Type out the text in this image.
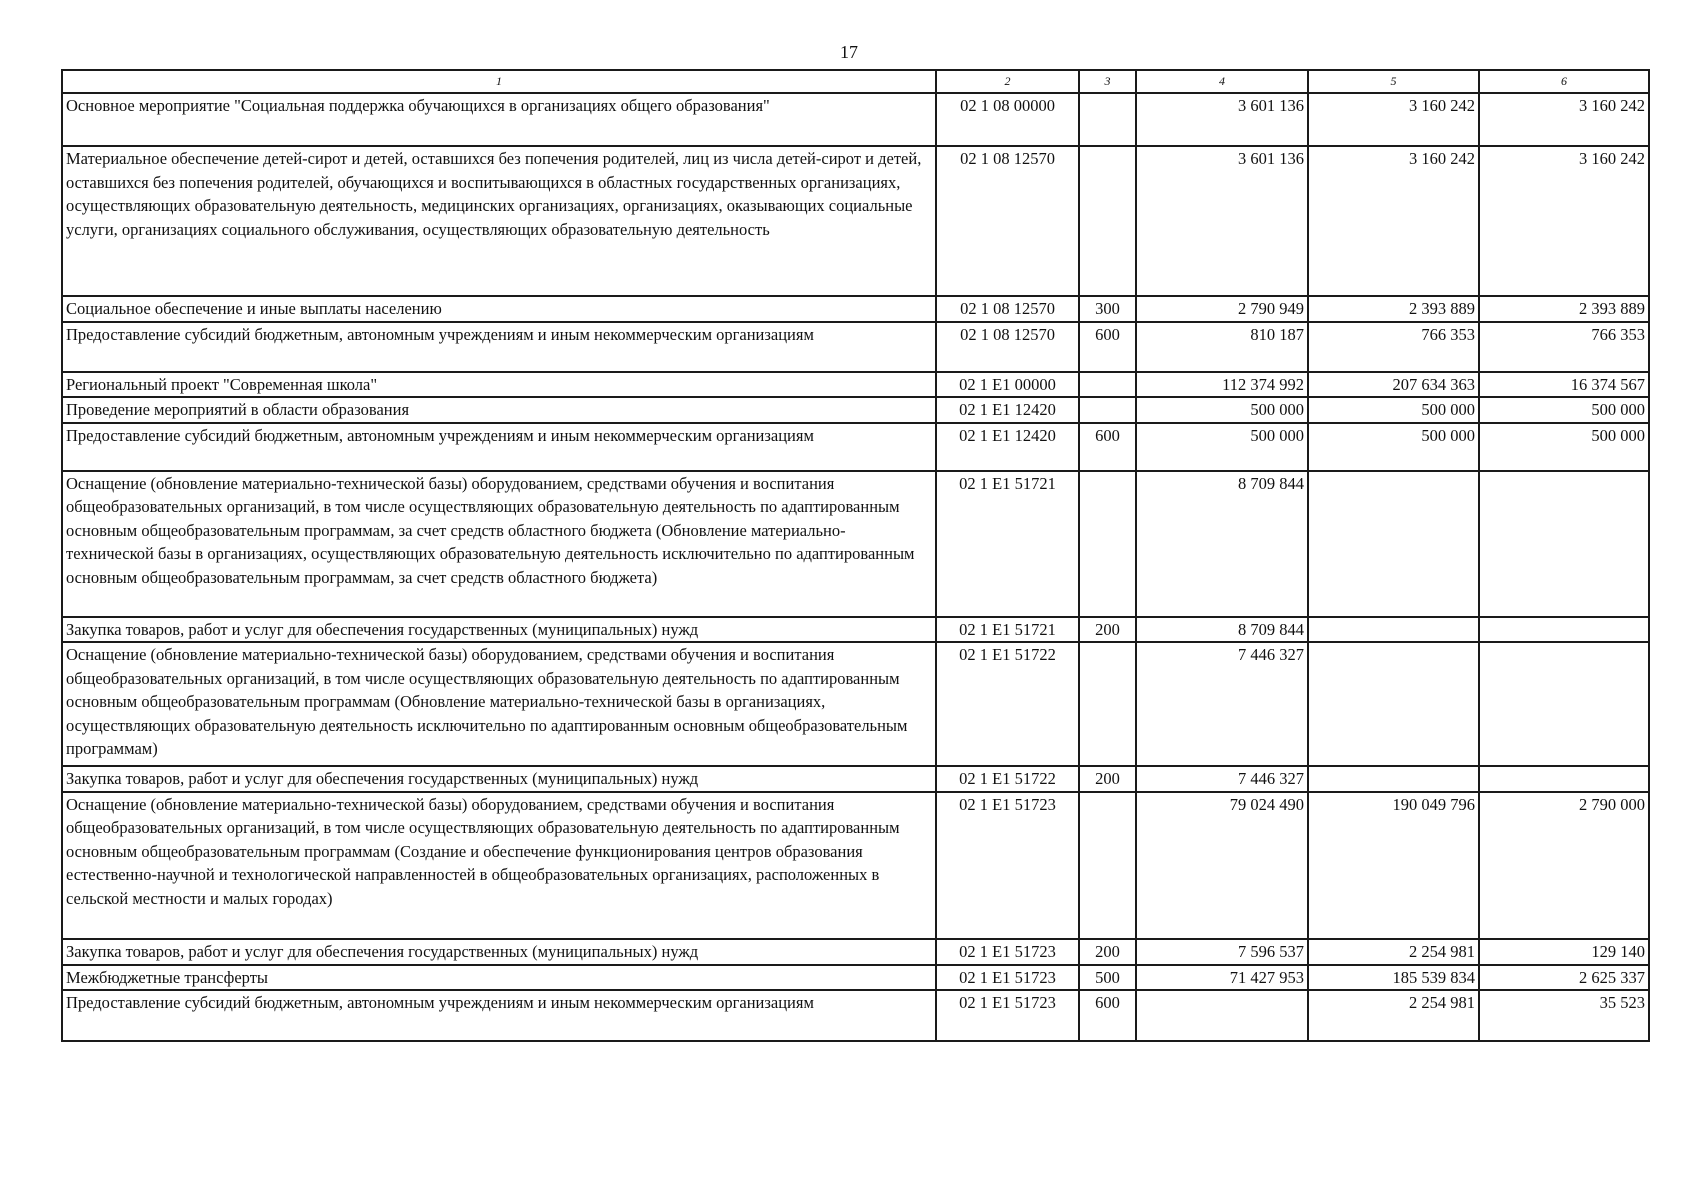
17
1	2	3	4	5	6
Основное мероприятие "Социальная поддержка обучающихся в организациях общего образования"	02 1 08 00000		3 601 136	3 160 242	3 160 242
Материальное обеспечение детей-сирот и детей, оставшихся без попечения родителей, лиц из числа детей-сирот и детей, оставшихся без попечения родителей, обучающихся и воспитывающихся в областных государственных организациях, осуществляющих образовательную деятельность, медицинских организациях, организациях, оказывающих социальные услуги, организациях социального обслуживания, осуществляющих образовательную деятельность	02 1 08 12570		3 601 136	3 160 242	3 160 242
Социальное обеспечение и иные выплаты населению	02 1 08 12570	300	2 790 949	2 393 889	2 393 889
Предоставление субсидий бюджетным, автономным учреждениям и иным некоммерческим организациям	02 1 08 12570	600	810 187	766 353	766 353
Региональный проект "Современная школа"	02 1 E1 00000		112 374 992	207 634 363	16 374 567
Проведение мероприятий в области образования	02 1 E1 12420		500 000	500 000	500 000
Предоставление субсидий бюджетным, автономным учреждениям и иным некоммерческим организациям	02 1 E1 12420	600	500 000	500 000	500 000
Оснащение (обновление материально-технической базы) оборудованием, средствами обучения и воспитания общеобразовательных организаций, в том числе осуществляющих образовательную деятельность по адаптированным основным общеобразовательным программам, за счет средств областного бюджета (Обновление материально-технической базы в организациях, осуществляющих образовательную деятельность исключительно по адаптированным основным общеобразовательным программам, за счет средств областного бюджета)	02 1 E1 51721		8 709 844		
Закупка товаров, работ и услуг для обеспечения государственных (муниципальных) нужд	02 1 E1 51721	200	8 709 844		
Оснащение (обновление материально-технической базы) оборудованием, средствами обучения и воспитания общеобразовательных организаций, в том числе осуществляющих образовательную деятельность по адаптированным основным общеобразовательным программам (Обновление материально-технической базы в организациях, осуществляющих образовательную деятельность исключительно по адаптированным основным общеобразовательным программам)	02 1 E1 51722		7 446 327		
Закупка товаров, работ и услуг для обеспечения государственных (муниципальных) нужд	02 1 E1 51722	200	7 446 327		
Оснащение (обновление материально-технической базы) оборудованием, средствами обучения и воспитания общеобразовательных организаций, в том числе осуществляющих образовательную деятельность по адаптированным основным общеобразовательным программам (Создание и обеспечение функционирования центров образования естественно-научной и технологической направленностей в общеобразовательных организациях, расположенных в сельской местности и малых городах)	02 1 E1 51723		79 024 490	190 049 796	2 790 000
Закупка товаров, работ и услуг для обеспечения государственных (муниципальных) нужд	02 1 E1 51723	200	7 596 537	2 254 981	129 140
Межбюджетные трансферты	02 1 E1 51723	500	71 427 953	185 539 834	2 625 337
Предоставление субсидий бюджетным, автономным учреждениям и иным некоммерческим организациям	02 1 E1 51723	600		2 254 981	35 523
